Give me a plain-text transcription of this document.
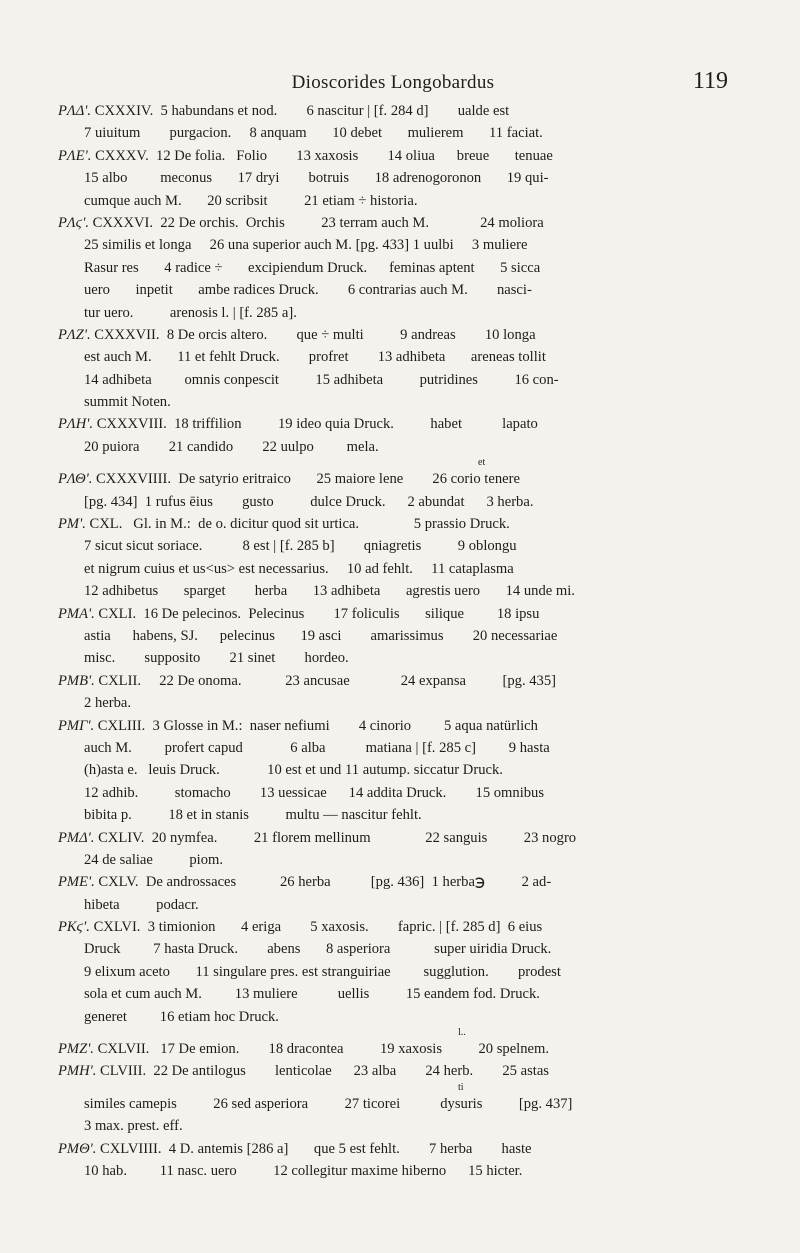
Dioscorides Longobardus	119
PΛΔ'. CXXXIV.  5 habundans et nod.        6 nascitur | [f. 284 d]        ualde est
7 uiuitum        purgacion.     8 anquam       10 debet       mulierem       11 faciat.
PΛE'. CXXXV.  12 De folia.   Folio        13 xaxosis        14 oliua      breue       tenuae
15 albo         meconus       17 dryi        botruis       18 adrenogoronon       19 qui-
cumque auch M.       20 scribsit          21 etiam ÷ historia.
PΛϛ'. CXXXVI.  22 De orchis.  Orchis          23 terram auch M.              24 moliora
25 similis et longa     26 una superior auch M. [pg. 433] 1 uulbi     3 muliere
Rasur res       4 radice ÷       excipiendum Druck.      feminas aptent       5 sicca
uero       inpetit       ambe radices Druck.        6 contrarias auch M.        nasci-
tur uero.          arenosis l. | [f. 285 a].
PΛZ'. CXXXVII.  8 De orcis altero.        que ÷ multi          9 andreas        10 longa
est auch M.       11 et fehlt Druck.        profret        13 adhibeta       areneas tollit
14 adhibeta         omnis conpescit          15 adhibeta          putridines          16 con-
summit Noten.
PΛH'. CXXXVIII.  18 triffilion          19 ideo quia Druck.          habet           lapato
20 puiora        21 candido        22 uulpo         mela.
et
PΛΘ'. CXXXVIIII.  De satyrio eritraico       25 maiore lene        26 corio tenere
[pg. 434]  1 rufus ēius        gusto          dulce Druck.      2 abundat      3 herba.
PM'. CXL.   Gl. in M.:  de o. dicitur quod sit urtica.               5 prassio Druck.
7 sicut sicut soriace.           8 est | [f. 285 b]        qniagretis          9 oblongu
et nigrum cuius et us<us> est necessarius.     10 ad fehlt.     11 cataplasma
12 adhibetus       sparget        herba       13 adhibeta       agrestis uero       14 unde mi.
PMA'. CXLI.  16 De pelecinos.  Pelecinus        17 foliculis       silique         18 ipsu
astia      habens, SJ.      pelecinus       19 asci        amarissimus        20 necessariae
misc.        supposito        21 sinet        hordeo.
PMB'. CXLII.     22 De onoma.            23 ancusae              24 expansa          [pg. 435]
2 herba.
PMΓ'. CXLIII.  3 Glosse in M.:  naser nefiumi        4 cinorio         5 aqua natürlich
auch M.         profert capud             6 alba           matiana | [f. 285 c]         9 hasta
(h)asta e.   leuis Druck.             10 est et und 11 autump. siccatur Druck.
12 adhib.          stomacho        13 uessicae      14 addita Druck.        15 omnibus
bibita p.          18 et in stanis          multu — nascitur fehlt.
PMΔ'. CXLIV.  20 nymfea.          21 florem mellinum               22 sanguis          23 nogro
24 de saliae          piom.
PME'. CXLV.  De androssaces            26 herba           [pg. 436]  1 herba℈          2 ad-
hibeta          podacr.
PKϛ'. CXLVI.  3 timionion       4 eriga        5 xaxosis.        fapric. | [f. 285 d]  6 eius
Druck         7 hasta Druck.        abens       8 asperiora            super uiridia Druck.
9 elixum aceto       11 singulare pres. est stranguiriae         sugglution.        prodest
sola et cum auch M.         13 muliere           uellis          15 eandem fod. Druck.
generet         16 etiam hoc Druck.
l..
PMZ'. CXLVII.   17 De emion.        18 dracontea          19 xaxosis          20 spelnem.
PMH'. CLVIII.  22 De antilogus        lenticolae      23 alba        24 herb.        25 astas
ti
similes camepis          26 sed asperiora          27 ticorei           dysuris          [pg. 437]
3 max. prest. eff.
PMΘ'. CXLVIIII.  4 D. antemis [286 a]       que 5 est fehlt.        7 herba        haste
10 hab.         11 nasc. uero          12 collegitur maxime hiberno      15 hicter.
